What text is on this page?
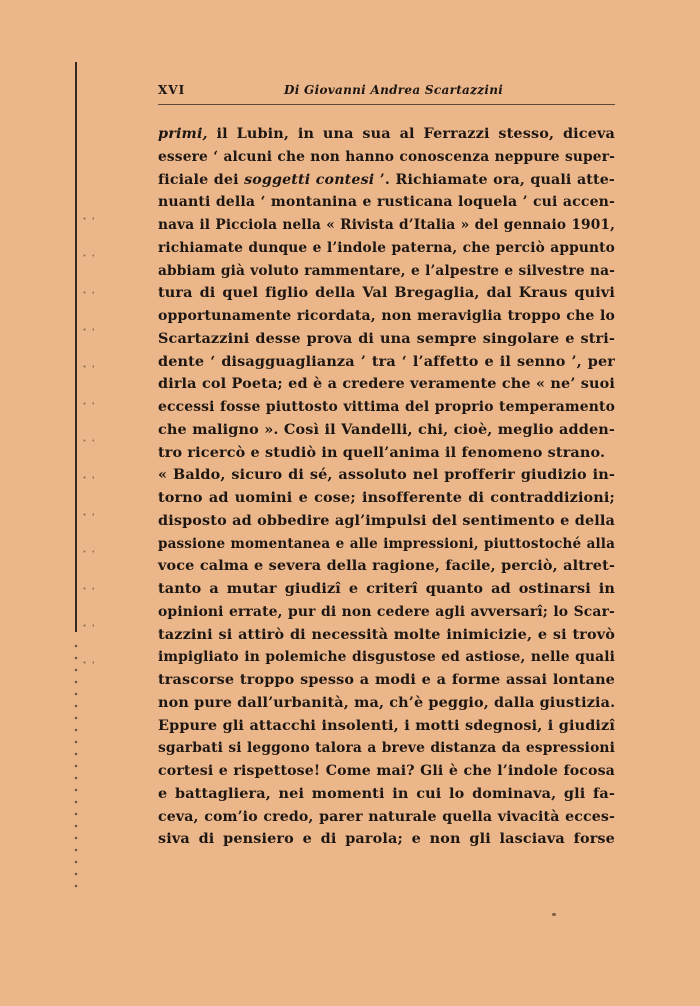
XVI	Di Giovanni Andrea Scartazzini
primi, il Lubin, in una sua al Ferrazzi stesso, diceva
essere ‘ alcuni che non hanno conoscenza neppure super-
ficiale dei soggetti contesi ’. Richiamate ora, quali atte-
nuanti della ‘ montanina e rusticana loquela ’ cui accen-
nava il Picciola nella « Rivista d’Italia » del gennaio 1901,
richiamate dunque e l’indole paterna, che perciò appunto
abbiam già voluto rammentare, e l’alpestre e silvestre na-
tura di quel figlio della Val Bregaglia, dal Kraus quivi
opportunamente ricordata, non meraviglia troppo che lo
Scartazzini desse prova di una sempre singolare e stri-
dente ‘ disagguaglianza ’ tra ‘ l’affetto e il senno ’, per
dirla col Poeta; ed è a credere veramente che « ne’ suoi
eccessi fosse piuttosto vittima del proprio temperamento
che maligno ». Così il Vandelli, chi, cioè, meglio adden-
tro ricercò e studiò in quell’anima il fenomeno strano.
« Baldo, sicuro di sé, assoluto nel profferir giudizio in-
torno ad uomini e cose; insofferente di contraddizioni;
disposto ad obbedire agl’impulsi del sentimento e della
passione momentanea e alle impressioni, piuttostoché alla
voce calma e severa della ragione, facile, perciò, altret-
tanto a mutar giudizî e criterî quanto ad ostinarsi in
opinioni errate, pur di non cedere agli avversarî; lo Scar-
tazzini si attirò di necessità molte inimicizie, e si trovò
impigliato in polemiche disgustose ed astiose, nelle quali
trascorse troppo spesso a modi e a forme assai lontane
non pure dall’urbanità, ma, ch’è peggio, dalla giustizia.
Eppure gli attacchi insolenti, i motti sdegnosi, i giudizî
sgarbati si leggono talora a breve distanza da espressioni
cortesi e rispettose! Come mai? Gli è che l’indole focosa
e battagliera, nei momenti in cui lo dominava, gli fa-
ceva, com’io credo, parer naturale quella vivacità ecces-
siva di pensiero e di parola; e non gli lasciava forse
